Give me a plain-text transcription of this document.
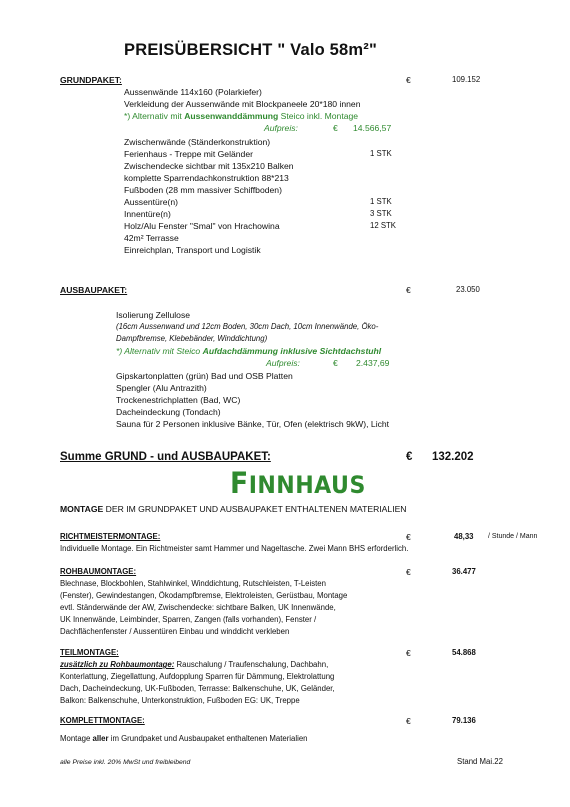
PREISÜBERSICHT " Valo 58m²"
GRUNDPAKET:	€	109.152
Aussenwände 114x160 (Polarkiefer)
Verkleidung der Aussenwände mit Blockpaneele 20*180 innen
*) Alternativ mit Aussenwanddämmung Steico inkl. Montage
Aufpreis:	€ 14.566,57
Zwischenwände (Ständerkonstruktion)
Ferienhaus - Treppe mit Geländer	1 STK
Zwischendecke sichtbar mit 135x210 Balken
komplette Sparrendachkonstruktion 88*213
Fußboden (28 mm massiver Schiffboden)
Aussentüre(n)	1 STK
Innentüre(n)	3 STK
Holz/Alu Fenster "Smal" von Hrachowina	12 STK
42m² Terrasse
Einreichplan, Transport und Logistik
AUSBAUPAKET:	€	23.050
Isolierung Zellulose
(16cm Aussenwand und 12cm Boden, 30cm Dach, 10cm Innenwände, Öko-
Dampfbremse, Klebebänder, Winddichtung)
*) Alternativ mit Steico Aufdachdämmung inklusive Sichtdachstuhl
Aufpreis:	€ 2.437,69
Gipskartonplatten (grün) Bad und OSB Platten
Spengler (Alu Antrazith)
Trockenestrichplatten (Bad, WC)
Dacheindeckung (Tondach)
Sauna für 2 Personen inklusive Bänke, Tür, Ofen (elektrisch 9kW), Licht
Summe GRUND - und AUSBAUPAKET:	€ 132.202
FINNHAUS
MONTAGE DER IM GRUNDPAKET UND AUSBAUPAKET ENTHALTENEN MATERIALIEN
RICHTMEISTERMONTAGE:	€	48,33 / Stunde / Mann
Individuelle Montage. Ein Richtmeister samt Hammer und Nageltasche. Zwei Mann BHS erforderlich.
ROHBAUMONTAGE:	€	36.477
Blechnase, Blockbohlen, Stahlwinkel, Winddichtung, Rutschleisten, T-Leisten
(Fenster), Gewindestangen, Ökodampfbremse, Elektroleisten, Gerüstbau, Montage
evtl. Ständerwände der AW, Zwischendecke: sichtbare Balken, UK Innenwände,
UK Innenwände, Leimbinder, Sparren, Zangen (falls vorhanden), Fenster /
Dachflächenfenster / Aussentüren Einbau und winddicht verkleben
TEILMONTAGE:	€	54.868
zusätzlich zu Rohbaumontage: Rauschalung / Traufenschalung, Dachbahn,
Konterlattung, Ziegellattung, Aufdopplung Sparren für Dämmung, Elektrolattung
Dach, Dacheindeckung, UK-Fußboden, Terrasse: Balkenschuhe, UK, Geländer,
Balkon: Balkenschuhe, Unterkonstruktion, Fußboden EG: UK, Treppe
KOMPLETTMONTAGE:	€	79.136
Montage aller im Grundpaket und Ausbaupaket enthaltenen Materialien
alle Preise inkl. 20% MwSt und freibleibend	Stand Mai.22
